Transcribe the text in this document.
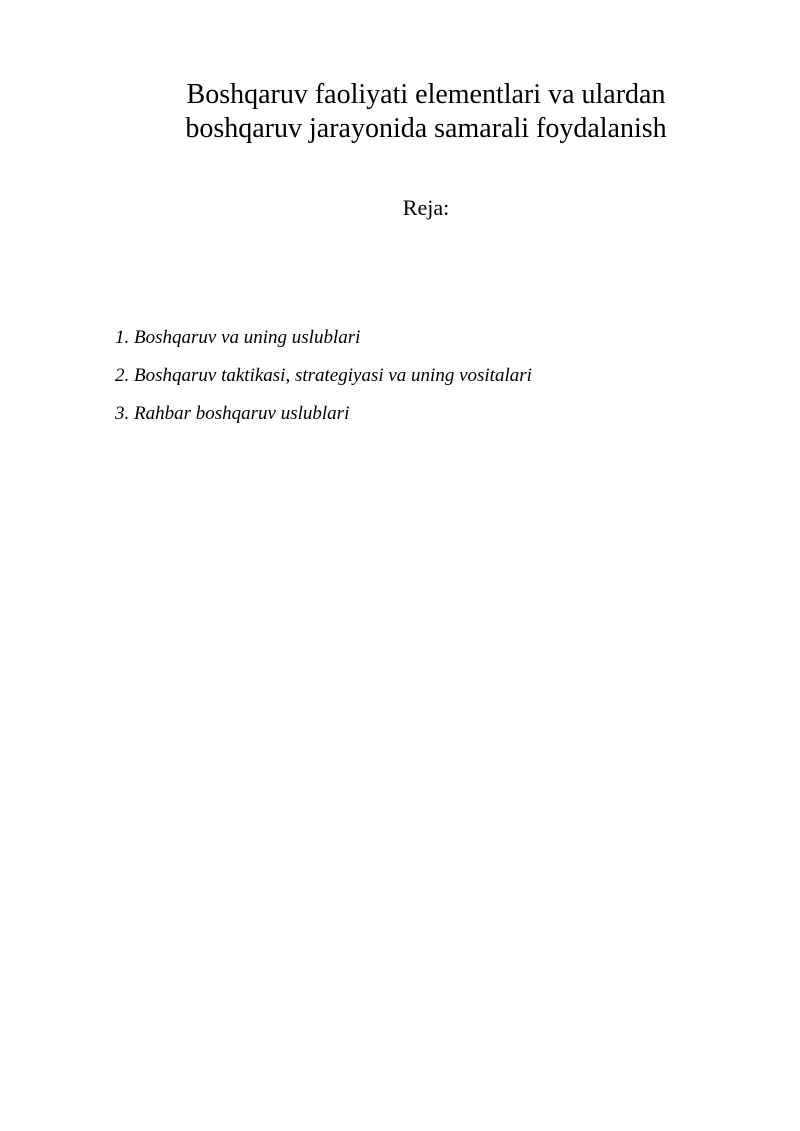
Boshqaruv faoliyati elementlari va ulardan
boshqaruv jarayonida samarali foydalanish

Reja:

1. Boshqaruv va uning uslublari
2. Boshqaruv taktikasi, strategiyasi va uning vositalari
3. Rahbar boshqaruv uslublari
